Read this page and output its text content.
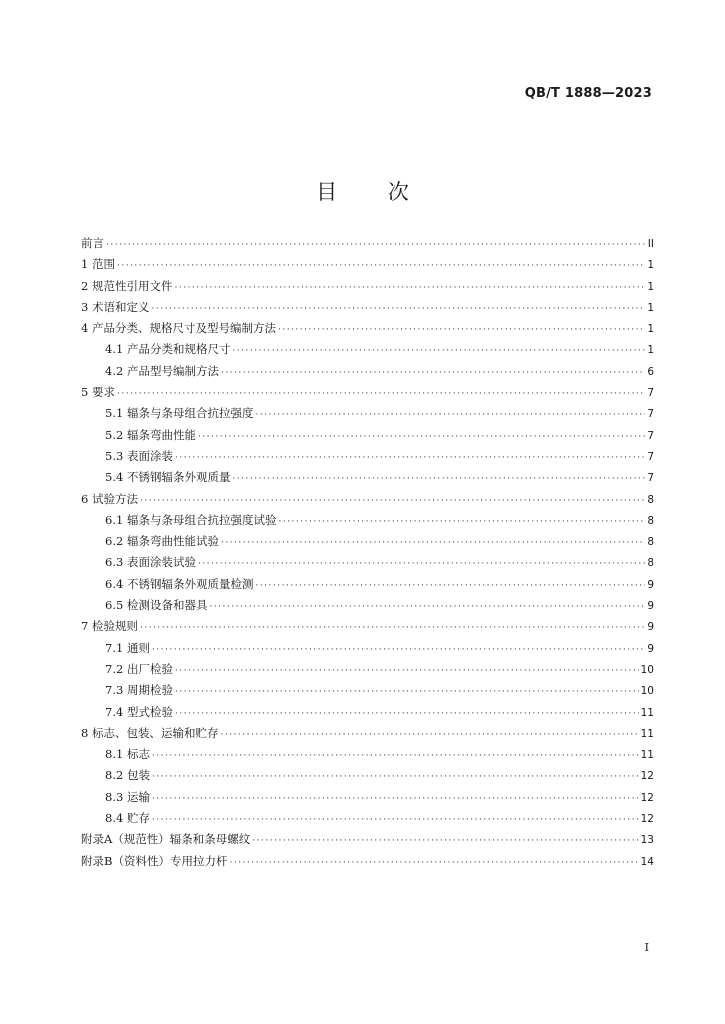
QB/T 1888—2023
目 次
前言 ·····	II
1 范围 ·····	1
2 规范性引用文件 ·····	1
3 术语和定义 ·····	1
4 产品分类、规格尺寸及型号编制方法 ·····	1
4.1 产品分类和规格尺寸 ·····	1
4.2 产品型号编制方法 ·····	6
5 要求 ·····	7
5.1 辐条与条母组合抗拉强度 ·····	7
5.2 辐条弯曲性能 ·····	7
5.3 表面涂装 ·····	7
5.4 不锈钢辐条外观质量 ·····	7
6 试验方法 ·····	8
6.1 辐条与条母组合抗拉强度试验 ·····	8
6.2 辐条弯曲性能试验 ·····	8
6.3 表面涂装试验 ·····	8
6.4 不锈钢辐条外观质量检测 ·····	9
6.5 检测设备和器具 ·····	9
7 检验规则 ·····	9
7.1 通则 ·····	9
7.2 出厂检验 ·····	10
7.3 周期检验 ·····	10
7.4 型式检验 ·····	11
8 标志、包装、运输和贮存 ·····	11
8.1 标志 ·····	11
8.2 包装 ·····	12
8.3 运输 ·····	12
8.4 贮存 ·····	12
附录A（规范性）辐条和条母螺纹 ·····	13
附录B（资料性）专用拉力杆 ·····	14
I
